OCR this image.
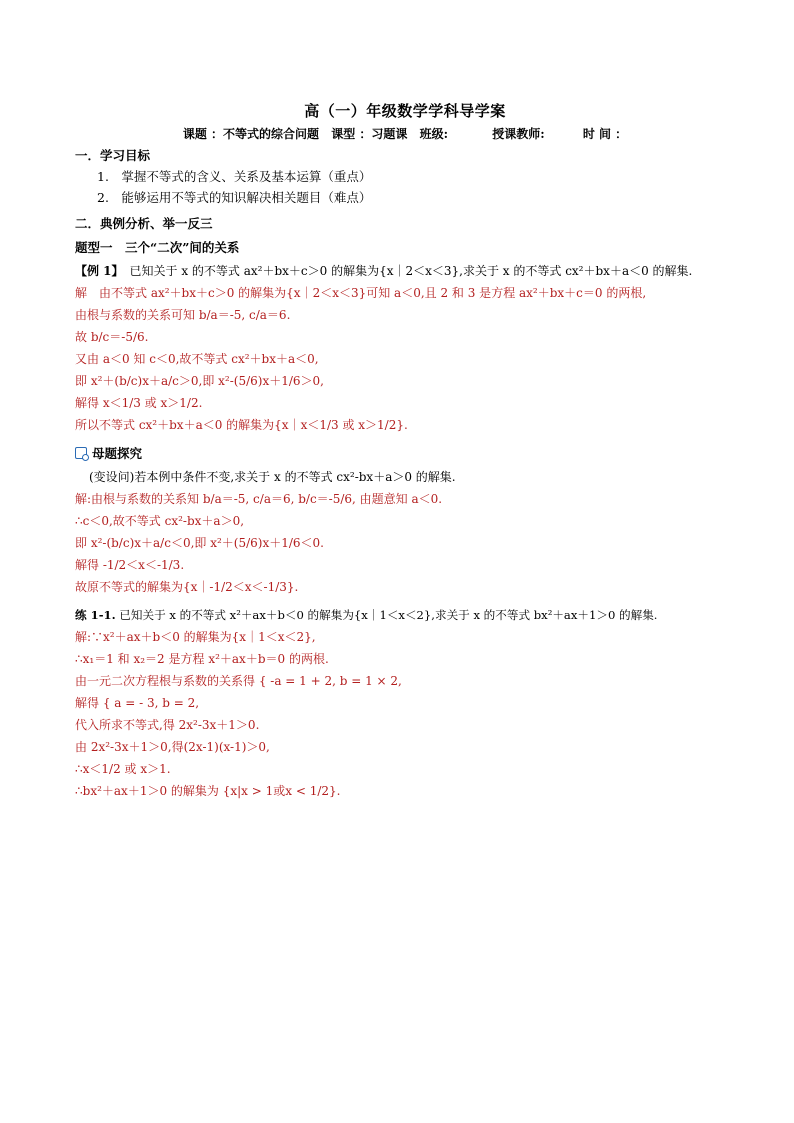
高（一）年级数学学科导学案
课题 ：不等式的综合问题 课型 ：习题课 班级:	授课教师:	时 间 ：
一．学习目标
1.　掌握不等式的含义、关系及基本运算（重点）
2.　能够运用不等式的知识解决相关题目（难点）
二．典例分析、举一反三
题型一　三个“二次”间的关系
【例 1】　已知关于 x 的不等式 ax²＋bx＋c＞0 的解集为{x｜2＜x＜3},求关于 x 的不等式 cx²＋bx＋a＜0 的解集.
解　由不等式 ax²＋bx＋c＞0 的解集为{x｜2＜x＜3}可知 a＜0,且 2 和 3 是方程 ax²＋bx＋c＝0 的两根,
由根与系数的关系可知 b/a＝-5, c/a＝6.
故 b/c＝-5/6.
又由 a＜0 知 c＜0,故不等式 cx²＋bx＋a＜0,
即 x²＋(b/c)x＋a/c＞0,即 x²-(5/6)x＋1/6＞0,
解得 x＜1/3 或 x＞1/2.
所以不等式 cx²＋bx＋a＜0 的解集为{x｜x＜1/3 或 x＞1/2}.
母题探究
(变设问)若本例中条件不变,求关于 x 的不等式 cx²-bx＋a＞0 的解集.
解:由根与系数的关系知 b/a＝-5, c/a＝6, b/c＝-5/6, 由题意知 a＜0.
∴c＜0,故不等式 cx²-bx＋a＞0,
即 x²-(b/c)x＋a/c＜0,即 x²＋(5/6)x＋1/6＜0.
解得 -1/2＜x＜-1/3.
故原不等式的解集为{x｜-1/2＜x＜-1/3}.
练 1-1. 已知关于 x 的不等式 x²＋ax＋b＜0 的解集为{x｜1＜x＜2},求关于 x 的不等式 bx²＋ax＋1＞0 的解集.
解:∵x²＋ax＋b＜0 的解集为{x｜1＜x＜2},
∴x₁＝1 和 x₂＝2 是方程 x²＋ax＋b＝0 的两根.
由一元二次方程根与系数的关系得 { -a = 1 + 2, b = 1 × 2,
解得 { a = - 3, b = 2,
代入所求不等式,得 2x²-3x＋1＞0.
由 2x²-3x＋1＞0,得(2x-1)(x-1)＞0,
∴x＜1/2 或 x＞1.
∴bx²＋ax＋1＞0 的解集为 {x|x > 1或x < 1/2}.
